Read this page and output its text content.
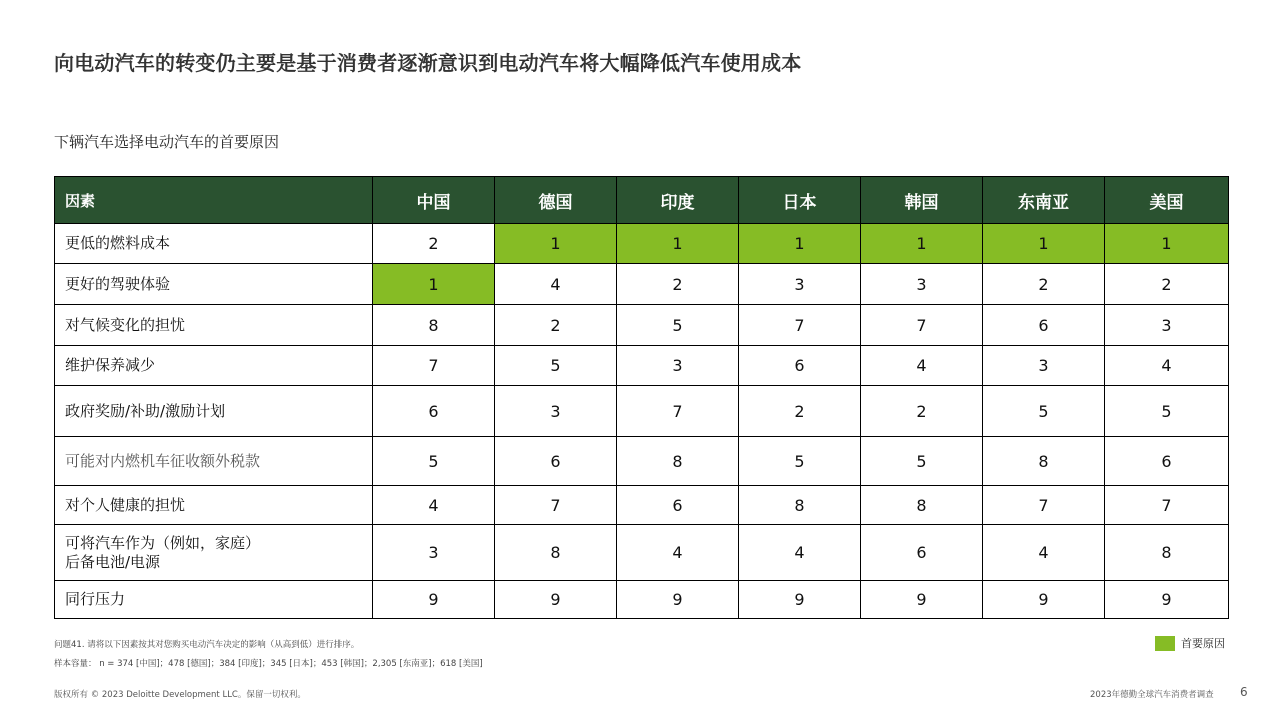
向电动汽车的转变仍主要是基于消费者逐渐意识到电动汽车将大幅降低汽车使用成本
下辆汽车选择电动汽车的首要原因
因素	中国	德国	印度	日本	韩国	东南亚	美国
更低的燃料成本	2	1	1	1	1	1	1
更好的驾驶体验	1	4	2	3	3	2	2
对气候变化的担忧	8	2	5	7	7	6	3
维护保养减少	7	5	3	6	4	3	4
政府奖励/补助/激励计划	6	3	7	2	2	5	5
可能对内燃机车征收额外税款	5	6	8	5	5	8	6
对个人健康的担忧	4	7	6	8	8	7	7

可将汽车作为（例如，家庭）
后备电池/电源	3	8	4	4	6	4	8
同行压力	9	9	9	9	9	9	9
问题41. 请将以下因素按其对您购买电动汽车决定的影响（从高到低）进行排序。
样本容量： n = 374 [中国]；478 [德国]；384 [印度]；345 [日本]；453 [韩国]；2,305 [东南亚]；618 [美国]
首要原因
版权所有 © 2023 Deloitte Development LLC。保留一切权利。	2023年德勤全球汽车消费者调查 6
